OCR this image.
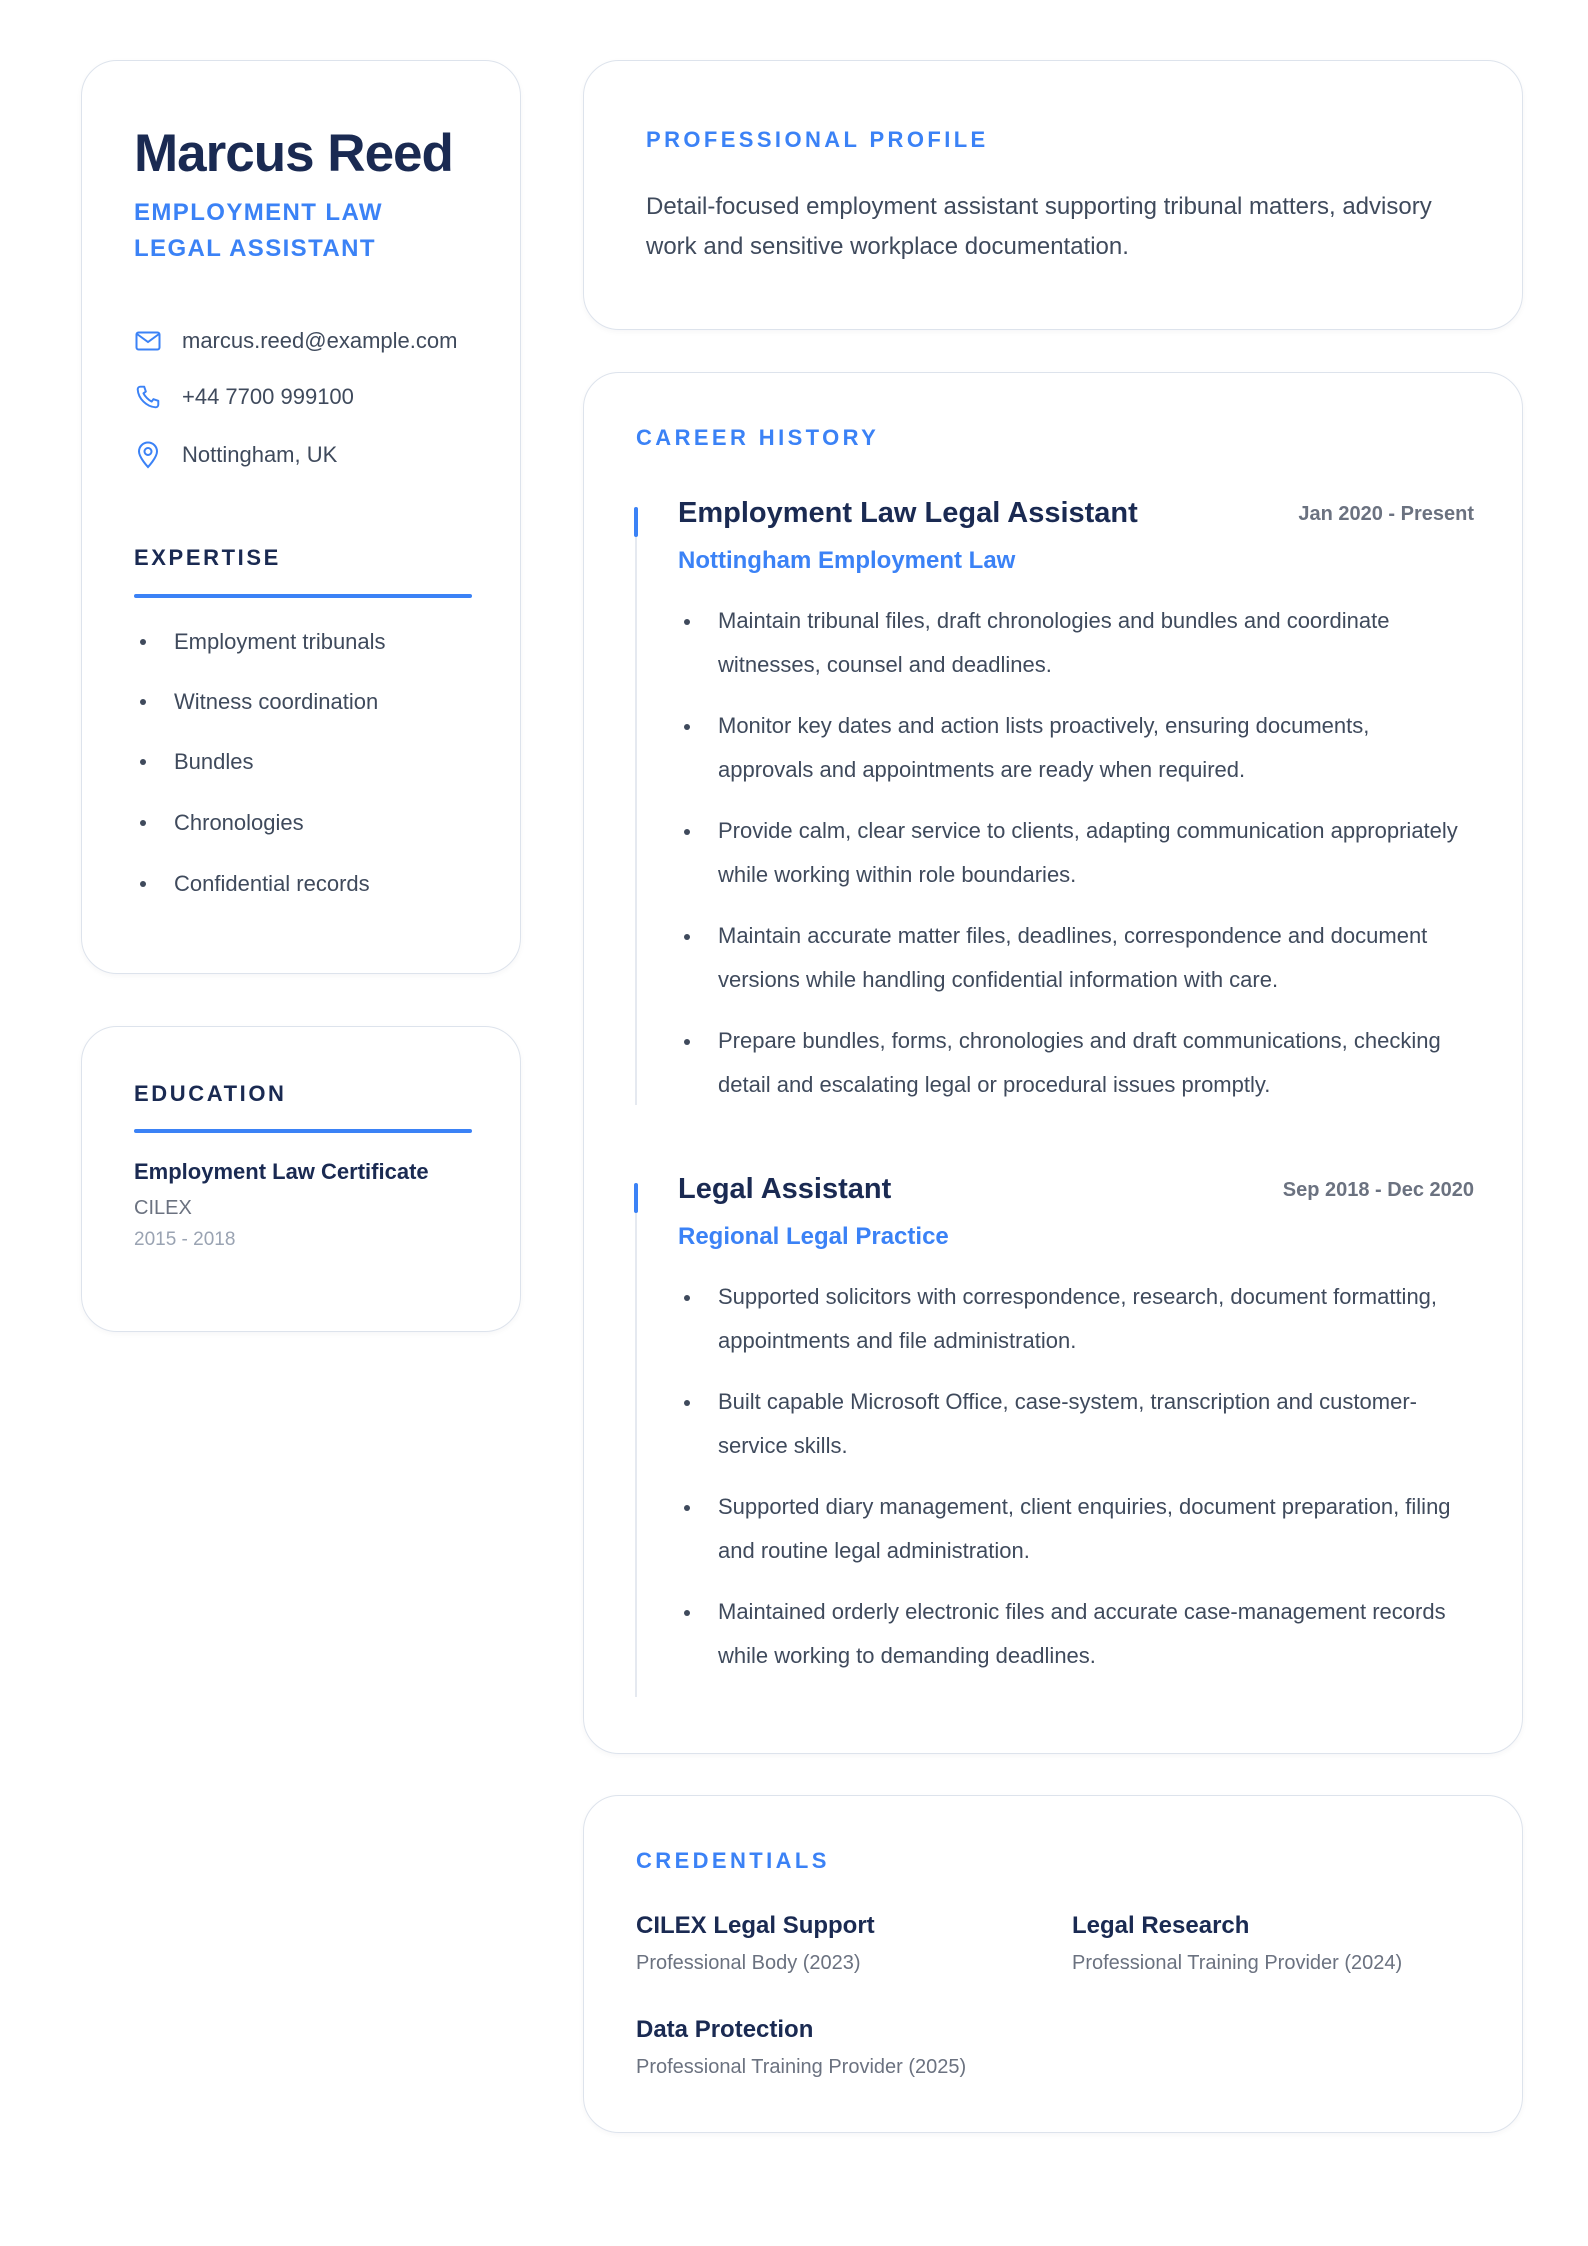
Marcus Reed
EMPLOYMENT LAW
LEGAL ASSISTANT
marcus.reed@example.com
+44 7700 999100
Nottingham, UK
EXPERTISE
Employment tribunals
Witness coordination
Bundles
Chronologies
Confidential records
EDUCATION
Employment Law Certificate
CILEX
2015 - 2018
PROFESSIONAL PROFILE
Detail-focused employment assistant supporting tribunal matters, advisory work and sensitive workplace documentation.
CAREER HISTORY
Employment Law Legal Assistant	Jan 2020 - Present
Nottingham Employment Law
Maintain tribunal files, draft chronologies and bundles and coordinate witnesses, counsel and deadlines.
Monitor key dates and action lists proactively, ensuring documents, approvals and appointments are ready when required.
Provide calm, clear service to clients, adapting communication appropriately while working within role boundaries.
Maintain accurate matter files, deadlines, correspondence and document versions while handling confidential information with care.
Prepare bundles, forms, chronologies and draft communications, checking detail and escalating legal or procedural issues promptly.
Legal Assistant	Sep 2018 - Dec 2020
Regional Legal Practice
Supported solicitors with correspondence, research, document formatting, appointments and file administration.
Built capable Microsoft Office, case-system, transcription and customer-service skills.
Supported diary management, client enquiries, document preparation, filing and routine legal administration.
Maintained orderly electronic files and accurate case-management records while working to demanding deadlines.
CREDENTIALS
CILEX Legal Support
Professional Body (2023)
Legal Research
Professional Training Provider (2024)
Data Protection
Professional Training Provider (2025)
